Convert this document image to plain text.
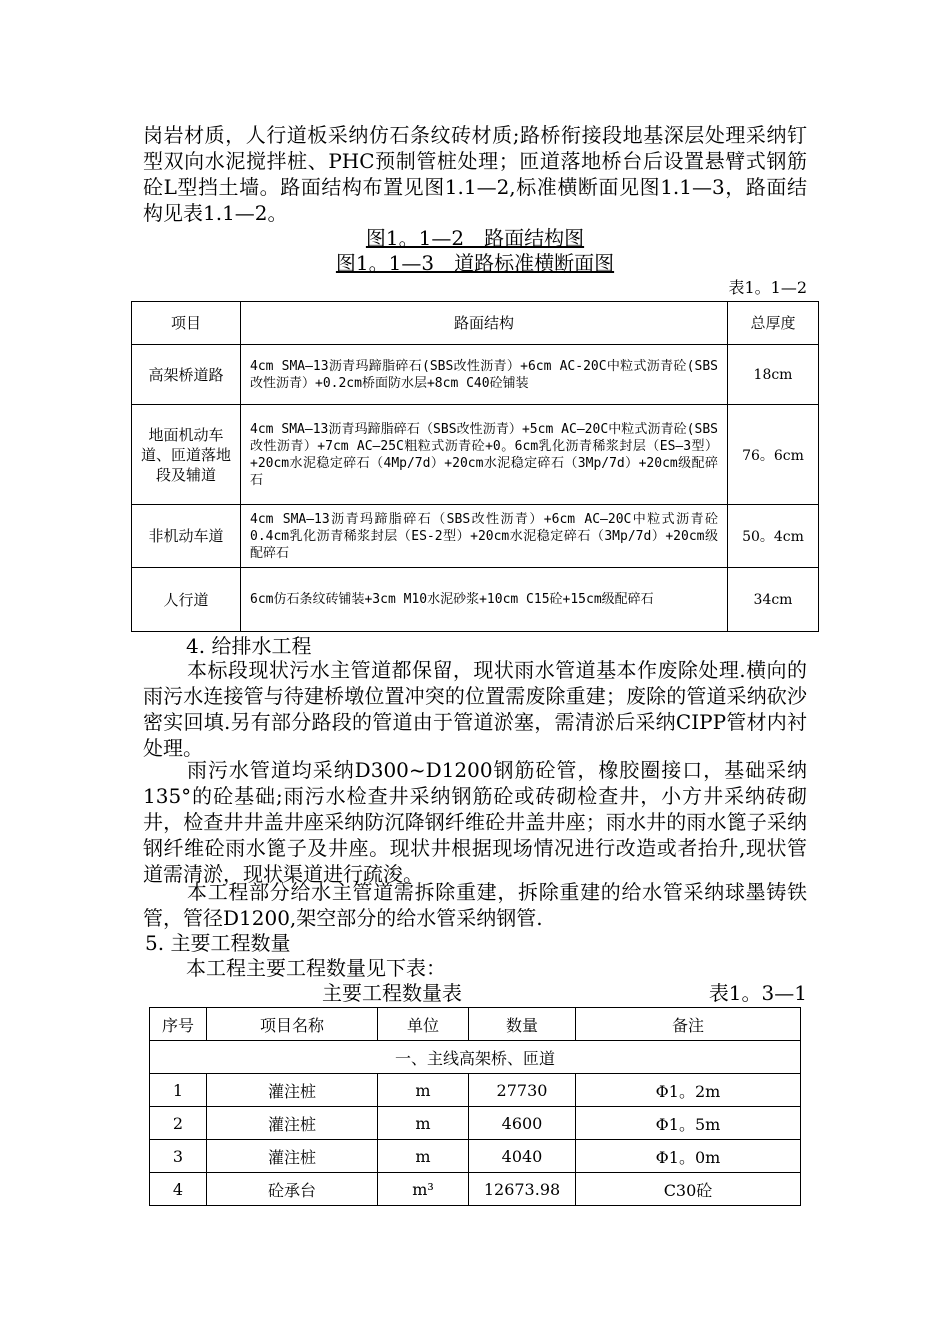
岗岩材质，人行道板采纳仿石条纹砖材质;路桥衔接段地基深层处理采纳钉型双向水泥搅拌桩、PHC预制管桩处理；匝道落地桥台后设置悬臂式钢筋砼L型挡土墙。路面结构布置见图1.1—2,标准横断面见图1.1—3，路面结构见表1.1—2。

图1。1—2　路面结构图
图1。1—3　道路标准横断面图
表1。1—2
项目	路面结构	总厚度
高架桥道路	4cm SMA—13沥青玛蹄脂碎石(SBS改性沥青）+6cm AC-20C中粒式沥青砼(SBS改性沥青）+0.2cm桥面防水层+8cm C40砼铺装	18cm
地面机动车道、匝道落地段及辅道	4cm SMA—13沥青玛蹄脂碎石（SBS改性沥青）+5cm AC—20C中粒式沥青砼(SBS改性沥青）+7cm AC—25C粗粒式沥青砼+0。6cm乳化沥青稀浆封层（ES—3型）+20cm水泥稳定碎石（4Mp/7d）+20cm水泥稳定碎石（3Mp/7d）+20cm级配碎石	76。6cm
非机动车道	4cm SMA—13沥青玛蹄脂碎石（SBS改性沥青）+6cm AC—20C中粒式沥青砼0.4cm乳化沥青稀浆封层（ES-2型）+20cm水泥稳定碎石（3Mp/7d）+20cm级配碎石	50。4cm
人行道	6cm仿石条纹砖铺装+3cm M10水泥砂浆+10cm C15砼+15cm级配碎石	34cm

4. 给排水工程

本标段现状污水主管道都保留，现状雨水管道基本作废除处理.横向的雨污水连接管与待建桥墩位置冲突的位置需废除重建；废除的管道采纳砍沙密实回填.另有部分路段的管道由于管道淤塞，需清淤后采纳CIPP管材内衬处理。

雨污水管道均采纳D300~D1200钢筋砼管，橡胶圈接口，基础采纳135°的砼基础;雨污水检查井采纳钢筋砼或砖砌检查井，小方井采纳砖砌井，检查井井盖井座采纳防沉降钢纤维砼井盖井座；雨水井的雨水篦子采纳钢纤维砼雨水篦子及井座。现状井根据现场情况进行改造或者抬升,现状管道需清淤，现状渠道进行疏浚。

本工程部分给水主管道需拆除重建，拆除重建的给水管采纳球墨铸铁管，管径D1200,架空部分的给水管采纳钢管.

5. 主要工程数量

本工程主要工程数量见下表：

主要工程数量表	表1。3—1
序号	项目名称	单位	数量	备注
一、主线高架桥、匝道				
1	灌注桩	m	27730	Φ1。2m
2	灌注桩	m	4600	Φ1。5m
3	灌注桩	m	4040	Φ1。0m
4	砼承台	m³	12673.98	C30砼
